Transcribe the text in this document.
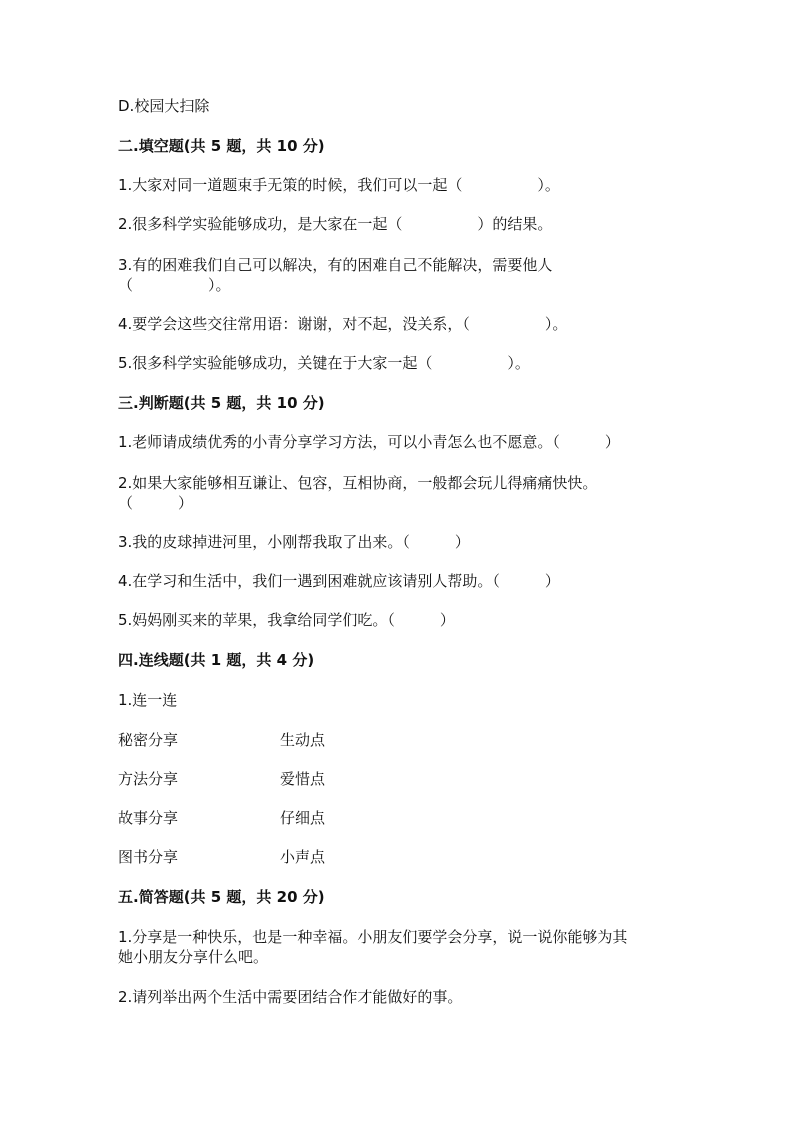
D.校园大扫除
二.填空题(共 5 题，共 10 分)
1.大家对同一道题束手无策的时候，我们可以一起（　　　　　）。
2.很多科学实验能够成功，是大家在一起（　　　　　）的结果。
3.有的困难我们自己可以解决，有的困难自己不能解决，需要他人
（　　　　　）。
4.要学会这些交往常用语：谢谢，对不起，没关系，（　　　　　）。
5.很多科学实验能够成功，关键在于大家一起（　　　　　）。
三.判断题(共 5 题，共 10 分)
1.老师请成绩优秀的小青分享学习方法，可以小青怎么也不愿意。（　　　）
2.如果大家能够相互谦让、包容，互相协商，一般都会玩儿得痛痛快快。
（　　　）
3.我的皮球掉进河里，小刚帮我取了出来。（　　　）
4.在学习和生活中，我们一遇到困难就应该请别人帮助。（　　　）
5.妈妈刚买来的苹果，我拿给同学们吃。（　　　）
四.连线题(共 1 题，共 4 分)
1.连一连
秘密分享	生动点
方法分享	爱惜点
故事分享	仔细点
图书分享	小声点
五.简答题(共 5 题，共 20 分)
1.分享是一种快乐，也是一种幸福。小朋友们要学会分享，说一说你能够为其
她小朋友分享什么吧。
2.请列举出两个生活中需要团结合作才能做好的事。
